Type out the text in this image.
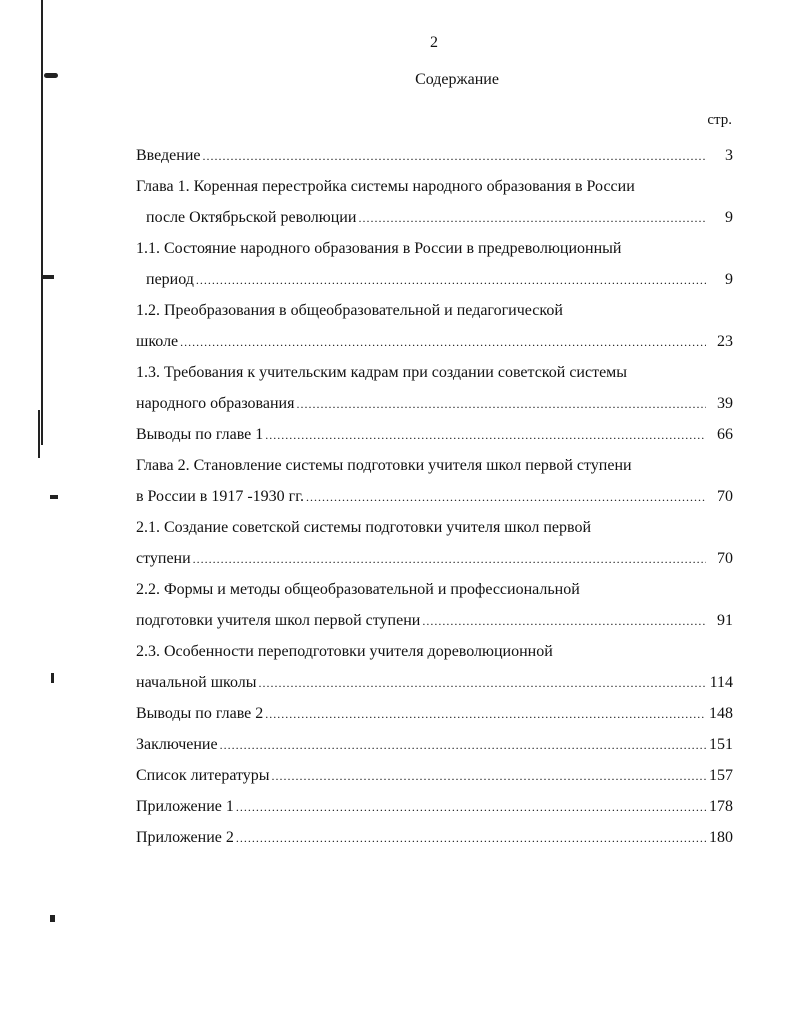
2
Содержание
стр.
Введение .....	3
Глава 1. Коренная перестройка системы народного образования в России
после Октябрьской революции .....	9
1.1. Состояние народного образования в России в предреволюционный
период .....	9
1.2. Преобразования в общеобразовательной и педагогической
школе .....	23
1.3. Требования к учительским кадрам при создании советской системы
народного образования .....	39
Выводы по главе 1 .....	66
Глава 2. Становление системы подготовки учителя школ первой ступени
в России в 1917 -1930 гг. .....	70
2.1. Создание советской системы подготовки учителя школ первой
ступени .....	70
2.2. Формы и методы общеобразовательной и профессиональной
подготовки учителя школ первой ступени .....	91
2.3. Особенности переподготовки учителя дореволюционной
начальной школы .....	114
Выводы по главе 2 .....	148
Заключение .....	151
Список литературы .....	157
Приложение 1 .....	178
Приложение 2 .....	180
